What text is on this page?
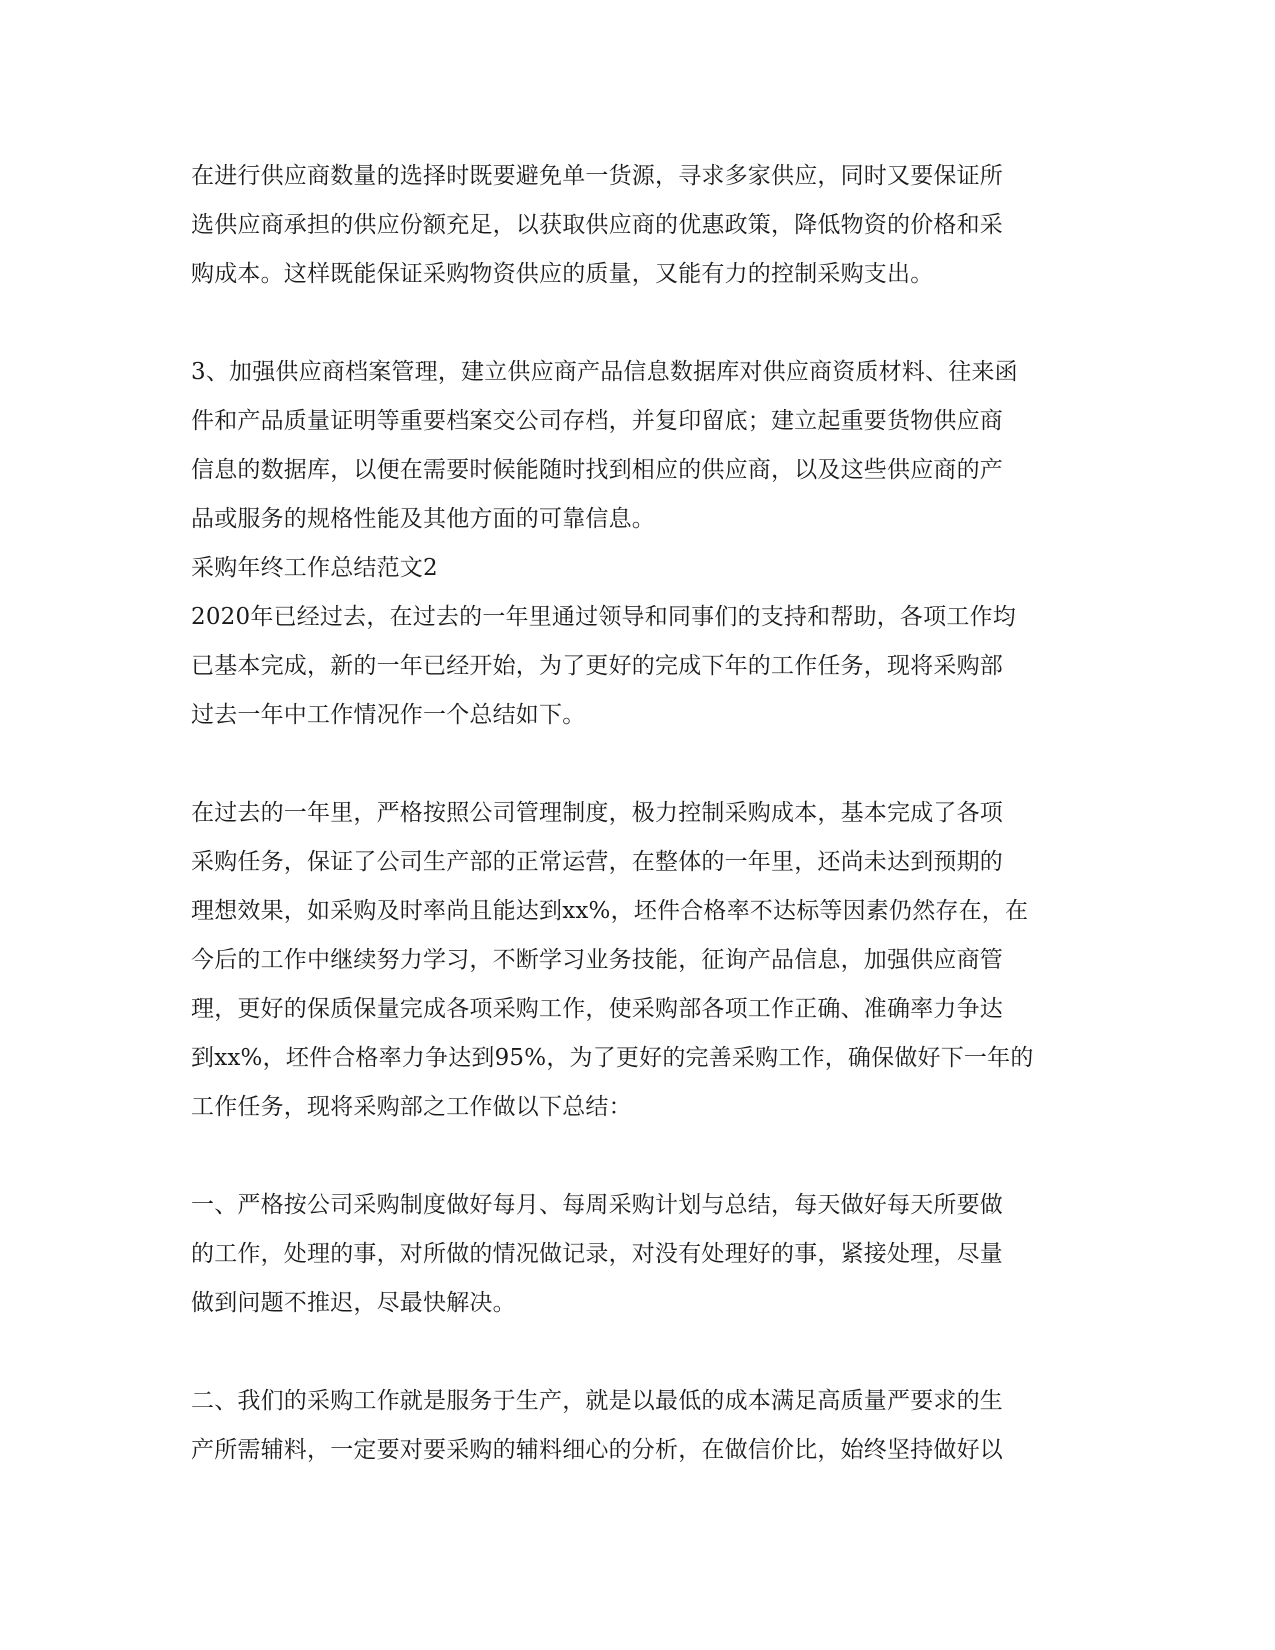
在进行供应商数量的选择时既要避免单一货源，寻求多家供应，同时又要保证所
选供应商承担的供应份额充足，以获取供应商的优惠政策，降低物资的价格和采
购成本。这样既能保证采购物资供应的质量，又能有力的控制采购支出。
3、加强供应商档案管理，建立供应商产品信息数据库对供应商资质材料、往来函
件和产品质量证明等重要档案交公司存档，并复印留底；建立起重要货物供应商
信息的数据库，以便在需要时候能随时找到相应的供应商，以及这些供应商的产
品或服务的规格性能及其他方面的可靠信息。
采购年终工作总结范文2
2020年已经过去，在过去的一年里通过领导和同事们的支持和帮助，各项工作均
已基本完成，新的一年已经开始，为了更好的完成下年的工作任务，现将采购部
过去一年中工作情况作一个总结如下。
在过去的一年里，严格按照公司管理制度，极力控制采购成本，基本完成了各项
采购任务，保证了公司生产部的正常运营，在整体的一年里，还尚未达到预期的
理想效果，如采购及时率尚且能达到xx%，坯件合格率不达标等因素仍然存在，在
今后的工作中继续努力学习，不断学习业务技能，征询产品信息，加强供应商管
理，更好的保质保量完成各项采购工作，使采购部各项工作正确、准确率力争达
到xx%，坯件合格率力争达到95%，为了更好的完善采购工作，确保做好下一年的
工作任务，现将采购部之工作做以下总结：
一、严格按公司采购制度做好每月、每周采购计划与总结，每天做好每天所要做
的工作，处理的事，对所做的情况做记录，对没有处理好的事，紧接处理，尽量
做到问题不推迟，尽最快解决。
二、我们的采购工作就是服务于生产，就是以最低的成本满足高质量严要求的生
产所需辅料，一定要对要采购的辅料细心的分析，在做信价比，始终坚持做好以
